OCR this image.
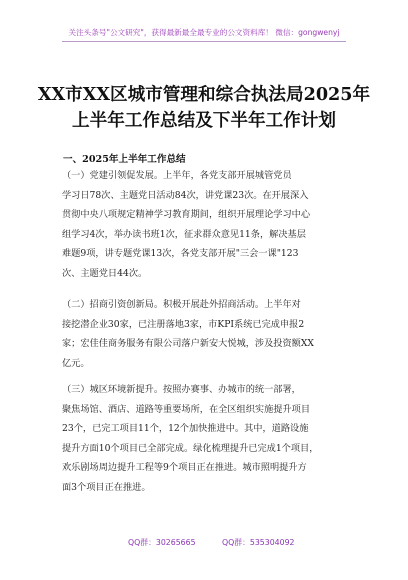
关注头条号"公文研究"，获得最新最全最专业的公文资料库！ 微信：gongwenyj
XX市XX区城市管理和综合执法局2025年
上半年工作总结及下半年工作计划
一、2025年上半年工作总结
（一）党建引领促发展。上半年，各党支部开展城管党员
学习日78次、主题党日活动84次，讲党课23次。在开展深入
贯彻中央八项规定精神学习教育期间，组织开展理论学习中心
组学习4次，举办读书班1次，征求群众意见11条，解决基层
难题9项，讲专题党课13次，各党支部开展"三会一课"123
次、主题党日44次。
（二）招商引资创新局。积极开展赴外招商活动。上半年对
接挖潜企业30家，已注册落地3家，市KPI系统已完成申报2
家；宏佳佳商务服务有限公司落户新安大悦城，涉及投资额XX
亿元。
（三）城区环境新提升。按照办赛事、办城市的统一部署，
聚焦场馆、酒店、道路等重要场所，在全区组织实施提升项目
23个，已完工项目11个，12个加快推进中。其中，道路设施
提升方面10个项目已全部完成。绿化梳理提升已完成1个项目，
欢乐剧场周边提升工程等9个项目正在推进。城市照明提升方
面3个项目正在推进。
QQ群：30265665	QQ群：535304092
